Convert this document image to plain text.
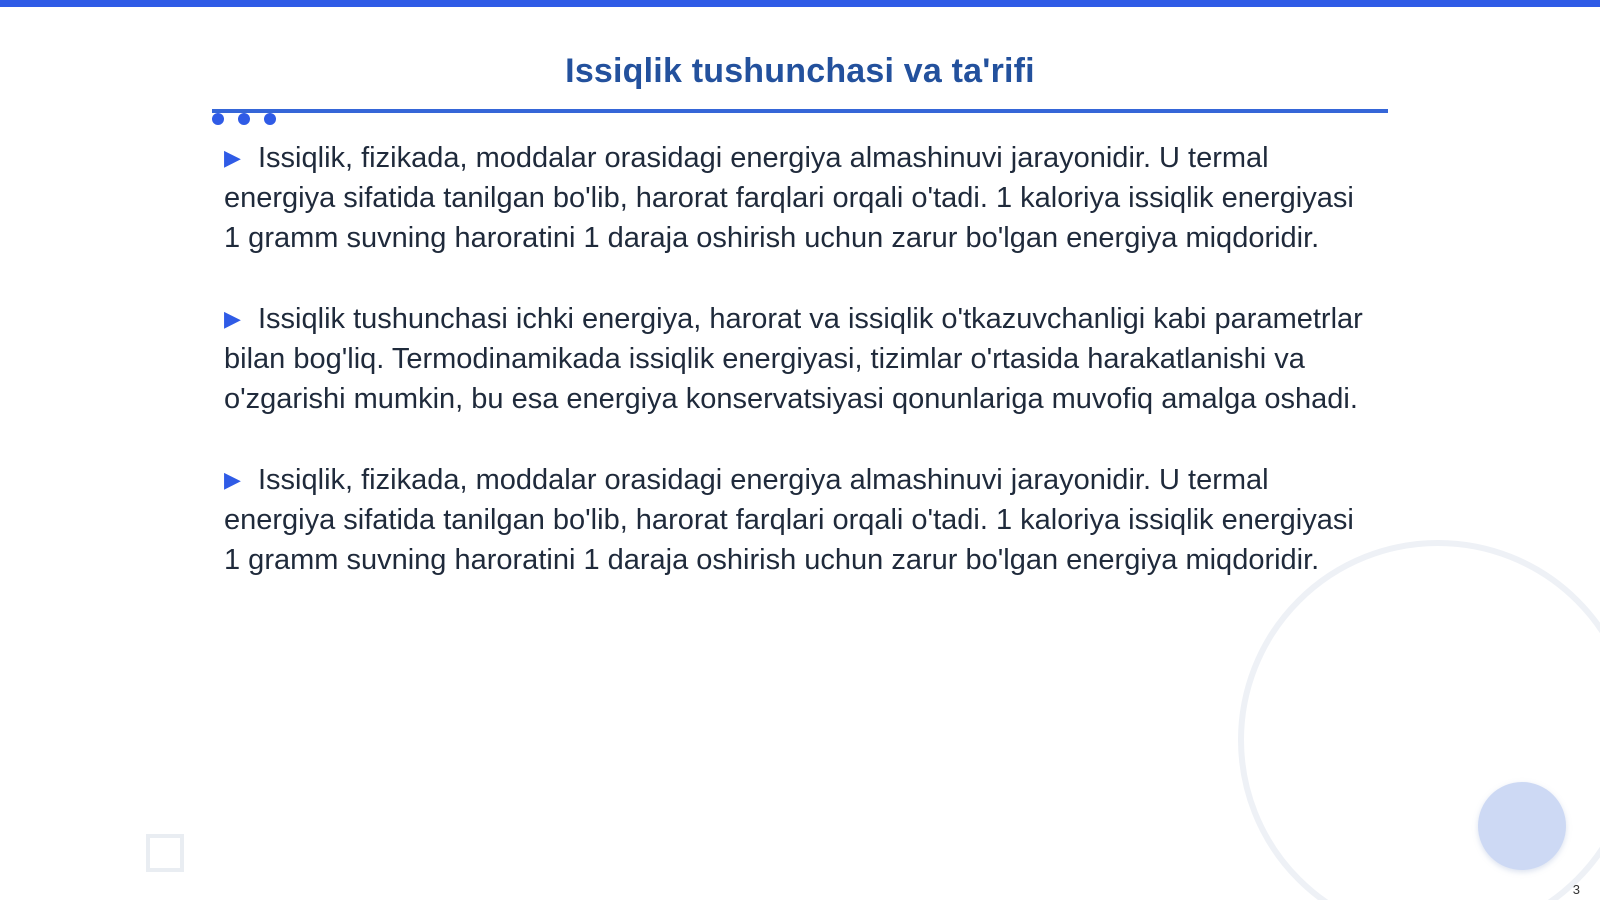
Issiqlik tushunchasi va ta'rifi

▶ Issiqlik, fizikada, moddalar orasidagi energiya almashinuvi jarayonidir. U termal energiya sifatida tanilgan bo'lib, harorat farqlari orqali o'tadi. 1 kaloriya issiqlik energiyasi 1 gramm suvning haroratini 1 daraja oshirish uchun zarur bo'lgan energiya miqdoridir.

▶ Issiqlik tushunchasi ichki energiya, harorat va issiqlik o'tkazuvchanligi kabi parametrlar bilan bog'liq. Termodinamikada issiqlik energiyasi, tizimlar o'rtasida harakatlanishi va o'zgarishi mumkin, bu esa energiya konservatsiyasi qonunlariga muvofiq amalga oshadi.

▶ Issiqlik, fizikada, moddalar orasidagi energiya almashinuvi jarayonidir. U termal energiya sifatida tanilgan bo'lib, harorat farqlari orqali o'tadi. 1 kaloriya issiqlik energiyasi 1 gramm suvning haroratini 1 daraja oshirish uchun zarur bo'lgan energiya miqdoridir.

3
